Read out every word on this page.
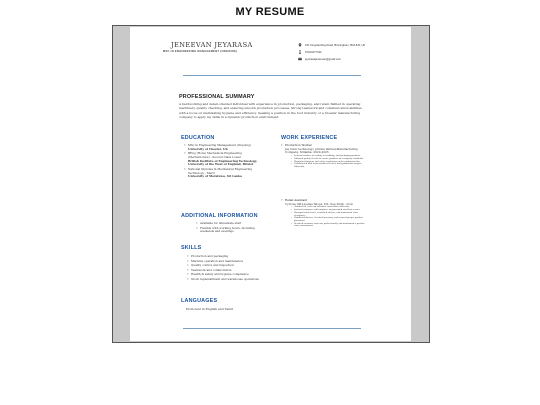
MY RESUME
JENEEVAN JEYARASA
MSC IN ENGINEERING MANAGEMENT (ONGOING)
151 Kingstanding Road, Birmingham, B44 8JF, UK
07424377432
jeyarasajeneevan@gmail.com
PROFESSIONAL SUMMARY
A hardworking and detail-oriented individual with experience in production, packaging, and retail. Skilled in operating machinery, quality checking, and ensuring smooth production processes. Strong teamwork and communication abilities, with a focus on maintaining hygiene and efficiency. Seeking a position in the food industry or a broader manufacturing company to apply my skills in a dynamic production environment.
EDUCATION
• MSc in Engineering Management (Ongoing)
University of Chester, UK
• BEng (Hons) Mechanical Engineering (Mechatronics) - Second Class Lower
British Institute of Engineering Technology, University of the West of England, Bristol
• National Diploma in Mechanical Engineering Technology - Merit
University of Moratuwa, Sri Lanka
ADDITIONAL INFORMATION
• Available for immediate start
• Flexible with working hours, including weekends and evenings
SKILLS
• Production and packaging
• Machine operation and maintenance
• Quality control and inspection
• Teamwork and collaboration
• Health & safety and hygiene compliance
• Stock replenishment and warehouse operations
LANGUAGES
Proficient in English and Tamil
WORK EXPERIENCE
• Production Worker
Jay tunic technology private limited,Manufacturing Company, Srilanka. 2022-2023
• Assisted workers in cutting, assembling, and packaging products.
• Followed quality checks to ensure products met company standards.
• Maintained hygiene and safety regulations in the production line.
• Collaborated with team members to meet daily production targets efficiently.
• Retail Assistant
Cyrious Off-License Shops, UK. Sep 2024 - Now
• Handled till, cash and customer transaction efficiently.
• Assisted customers with inquiries and provided excellent service.
• Managed stock levels, restocked shelves, and maintained store cleanliness.
• Handled deliveries, checked inventory, and ensured proper product placement.
• Resolved customer concerns professionally and maintained a positive store environment.
